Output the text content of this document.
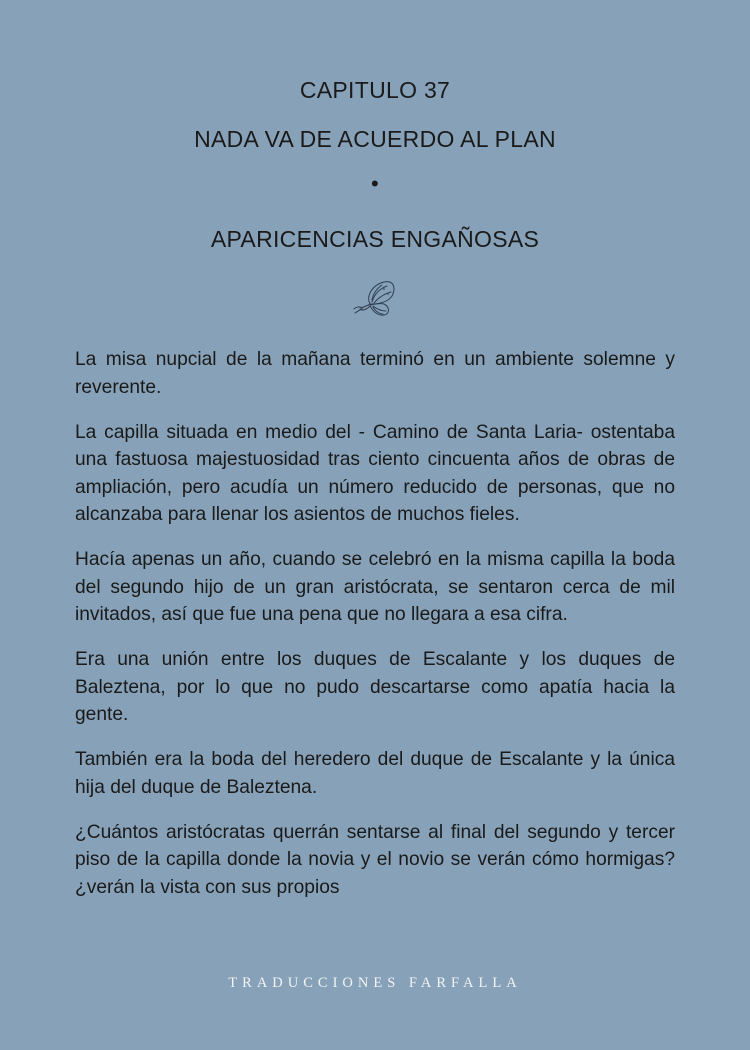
CAPITULO 37
NADA VA DE ACUERDO AL PLAN
•
APARICENCIAS ENGAÑOSAS

La misa nupcial de la mañana terminó en un ambiente solemne y reverente.

La capilla situada en medio del - Camino de Santa Laria- ostentaba una fastuosa majestuosidad tras ciento cincuenta años de obras de ampliación, pero acudía un número reducido de personas, que no alcanzaba para llenar los asientos de muchos fieles.

Hacía apenas un año, cuando se celebró en la misma capilla la boda del segundo hijo de un gran aristócrata, se sentaron cerca de mil invitados, así que fue una pena que no llegara a esa cifra.

Era una unión entre los duques de Escalante y los duques de Baleztena, por lo que no pudo descartarse como apatía hacia la gente.

También era la boda del heredero del duque de Escalante y la única hija del duque de Baleztena.

¿Cuántos aristócratas querrán sentarse al final del segundo y tercer piso de la capilla donde la novia y el novio se verán cómo hormigas? ¿verán la vista con sus propios

TRADUCCIONES FARFALLA
